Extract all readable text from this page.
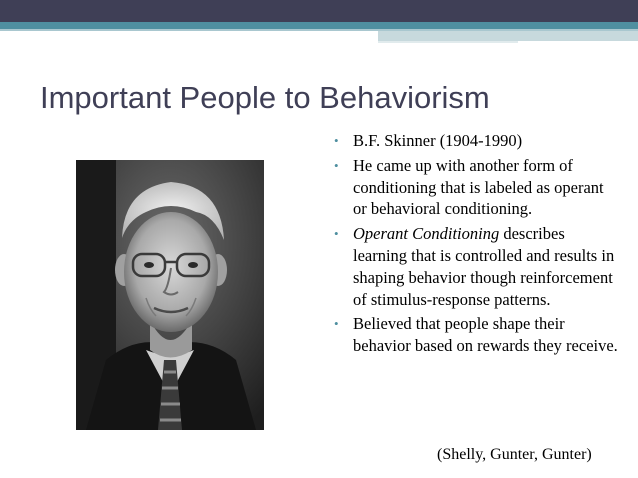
Important People to Behaviorism
• B.F. Skinner (1904-1990)
• He came up with another form of conditioning that is labeled as operant or behavioral conditioning.
• Operant Conditioning describes learning that is controlled and results in shaping behavior though reinforcement of stimulus-response patterns.
• Believed that people shape their behavior based on rewards they receive.
(Shelly, Gunter, Gunter)
